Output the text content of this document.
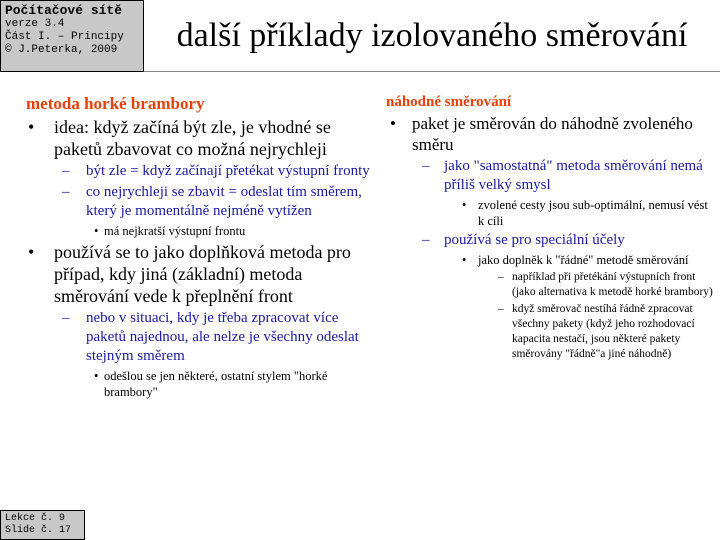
Počítačové sítě
verze 3.4
Část I. – Principy
© J.Peterka, 2009	další příklady izolovaného směrování
metoda horké brambory
• idea: když začíná být zle, je vhodné se paketů zbavovat co možná nejrychleji
– být zle = když začínají přetékat výstupní fronty
– co nejrychleji se zbavit = odeslat tím směrem, který je momentálně nejméně vytížen
• má nejkratší výstupní frontu
• používá se to jako doplňková metoda pro případ, kdy jiná (základní) metoda směrování vede k přeplnění front
– nebo v situaci, kdy je třeba zpracovat více paketů najednou, ale nelze je všechny odeslat stejným směrem
• odešlou se jen některé, ostatní stylem "horké brambory"
náhodné směrování
• paket je směrován do náhodně zvoleného směru
– jako "samostatná" metoda směrování nemá příliš velký smysl
• zvolené cesty jsou sub-optimální, nemusí vést k cíli
– používá se pro speciální účely
• jako doplněk k "řádné" metodě směrování
– například při přetékání výstupních front (jako alternativa k metodě horké brambory)
– když směrovač nestíhá řádně zpracovat všechny pakety (když jeho rozhodovací kapacita nestačí, jsou některé pakety směrovány "řádně"a jiné náhodně)
Lekce č. 9
Slide č. 17
